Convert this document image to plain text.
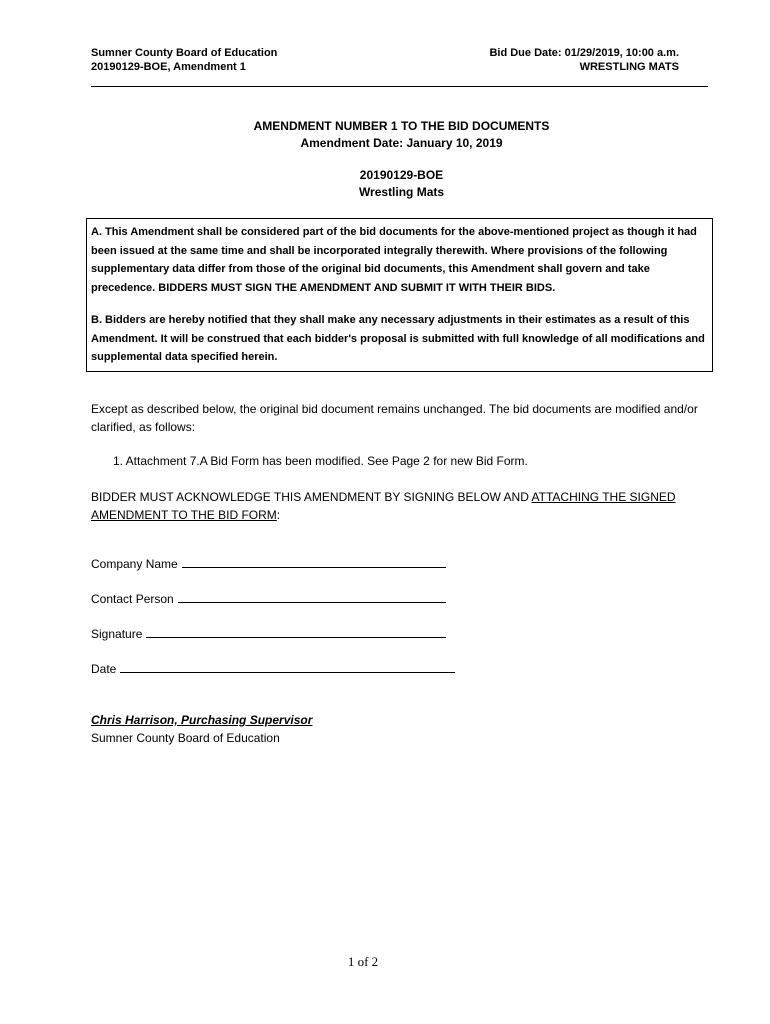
Sumner County Board of Education
20190129-BOE, Amendment 1
Bid Due Date: 01/29/2019, 10:00 a.m.
WRESTLING MATS
AMENDMENT NUMBER 1 TO THE BID DOCUMENTS
Amendment Date: January 10, 2019
20190129-BOE
Wrestling Mats

A. This Amendment shall be considered part of the bid documents for the above-mentioned project as though it had been issued at the same time and shall be incorporated integrally therewith. Where provisions of the following supplementary data differ from those of the original bid documents, this Amendment shall govern and take precedence. BIDDERS MUST SIGN THE AMENDMENT AND SUBMIT IT WITH THEIR BIDS.

B. Bidders are hereby notified that they shall make any necessary adjustments in their estimates as a result of this Amendment. It will be construed that each bidder's proposal is submitted with full knowledge of all modifications and supplemental data specified herein.

Except as described below, the original bid document remains unchanged. The bid documents are modified and/or clarified, as follows:
1. Attachment 7.A Bid Form has been modified. See Page 2 for new Bid Form.
BIDDER MUST ACKNOWLEDGE THIS AMENDMENT BY SIGNING BELOW AND ATTACHING THE SIGNED AMENDMENT TO THE BID FORM:
Company Name
Contact Person
Signature
Date
Chris Harrison, Purchasing Supervisor
Sumner County Board of Education
1 of 2
